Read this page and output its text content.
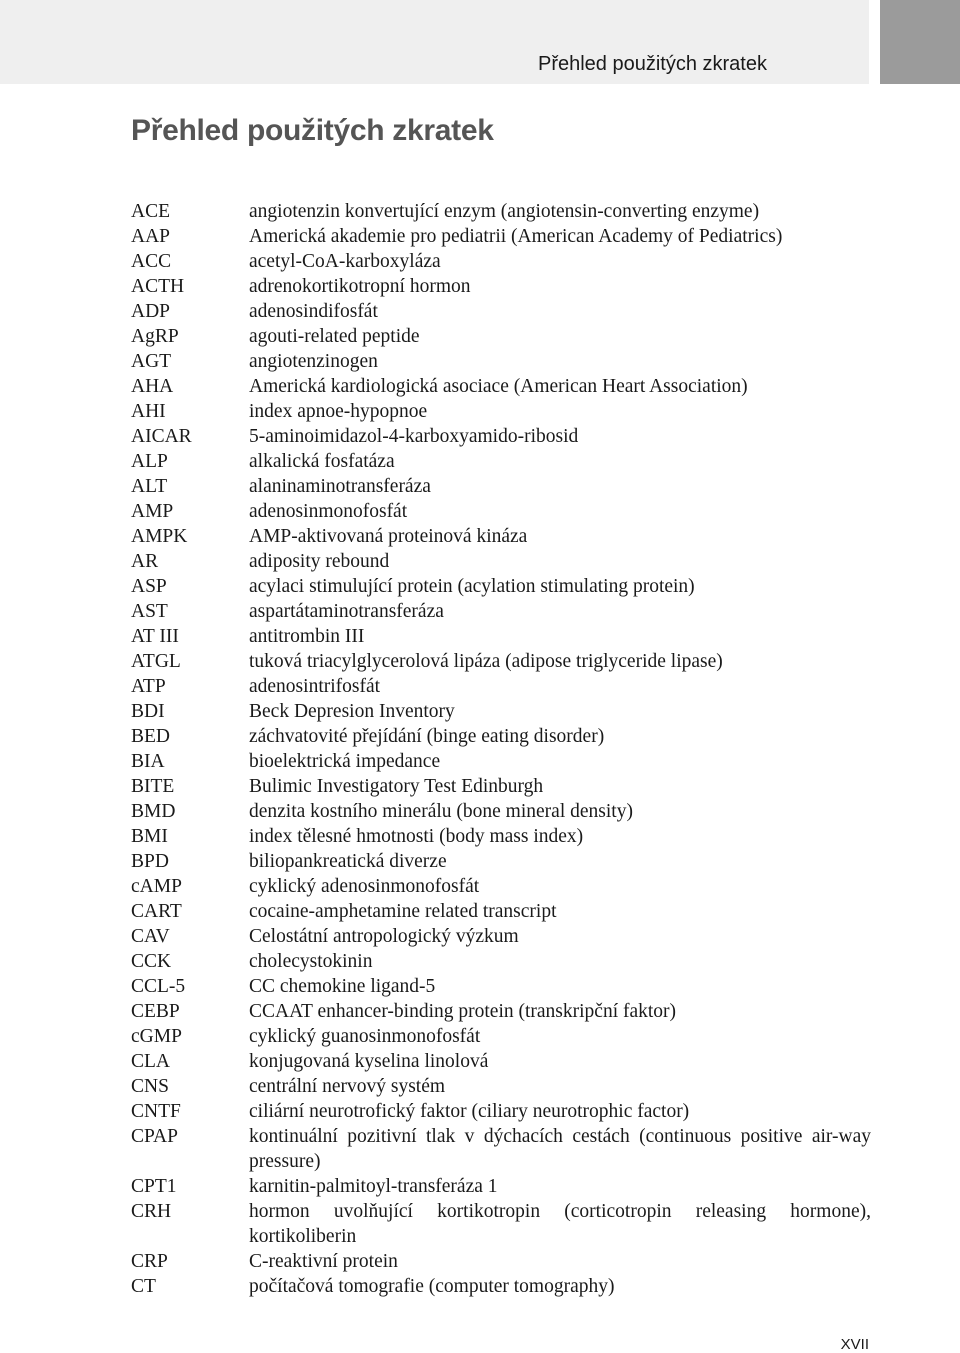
Přehled použitých zkratek
Přehled použitých zkratek
ACE	angiotenzin konvertující enzym (angiotensin-converting enzyme)
AAP	Americká akademie pro pediatrii (American Academy of Pediatrics)
ACC	acetyl-CoA-karboxyláza
ACTH	adrenokortikotropní hormon
ADP	adenosindifosfát
AgRP	agouti-related peptide
AGT	angiotenzinogen
AHA	Americká kardiologická asociace (American Heart Association)
AHI	index apnoe-hypopnoe
AICAR	5-aminoimidazol-4-karboxyamido-ribosid
ALP	alkalická fosfatáza
ALT	alaninaminotransferáza
AMP	adenosinmonofosfát
AMPK	AMP-aktivovaná proteinová kináza
AR	adiposity rebound
ASP	acylaci stimulující protein (acylation stimulating protein)
AST	aspartátaminotransferáza
AT III	antitrombin III
ATGL	tuková triacylglycerolová lipáza (adipose triglyceride lipase)
ATP	adenosintrifosfát
BDI	Beck Depresion Inventory
BED	záchvatovité přejídání (binge eating disorder)
BIA	bioelektrická impedance
BITE	Bulimic Investigatory Test Edinburgh
BMD	denzita kostního minerálu (bone mineral density)
BMI	index tělesné hmotnosti (body mass index)
BPD	biliopankreatická diverze
cAMP	cyklický adenosinmonofosfát
CART	cocaine-amphetamine related transcript
CAV	Celostátní antropologický výzkum
CCK	cholecystokinin
CCL-5	CC chemokine ligand-5
CEBP	CCAAT enhancer-binding protein (transkripční faktor)
cGMP	cyklický guanosinmonofosfát
CLA	konjugovaná kyselina linolová
CNS	centrální nervový systém
CNTF	ciliární neurotrofický faktor (ciliary neurotrophic factor)
CPAP	kontinuální pozitivní tlak v dýchacích cestách (continuous positive air-way pressure)
CPT1	karnitin-palmitoyl-transferáza 1
CRH	hormon uvolňující kortikotropin (corticotropin releasing hormone), kortikoliberin
CRP	C-reaktivní protein
CT	počítačová tomografie (computer tomography)
XVII
